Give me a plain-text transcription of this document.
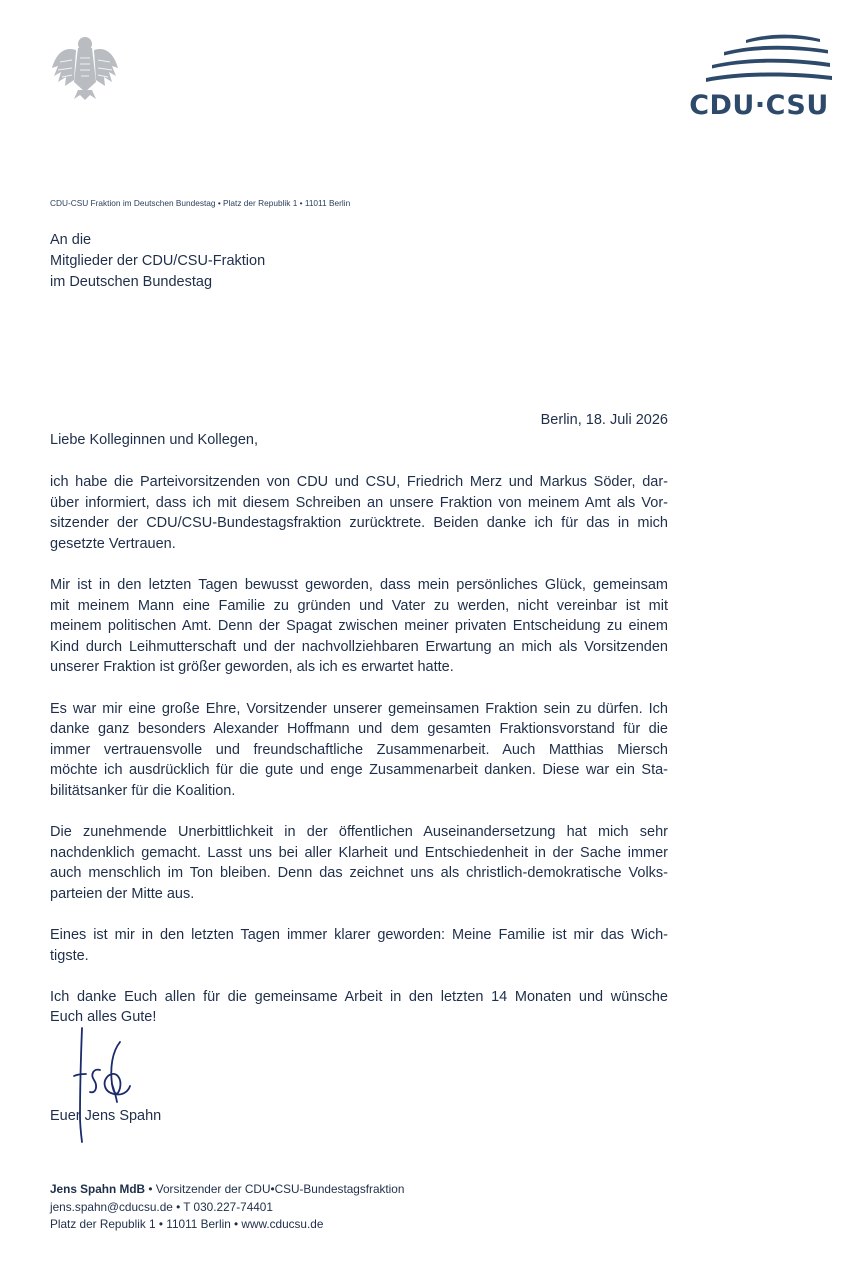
CDU·CSU
CDU-CSU Fraktion im Deutschen Bundestag • Platz der Republik 1 • 11011 Berlin
An die
Mitglieder der CDU/CSU-Fraktion
im Deutschen Bundestag
Berlin, 18. Juli 2026
Liebe Kolleginnen und Kollegen,
ich habe die Parteivorsitzenden von CDU und CSU, Friedrich Merz und Markus Söder, dar-
über informiert, dass ich mit diesem Schreiben an unsere Fraktion von meinem Amt als Vor-
sitzender der CDU/CSU-Bundestagsfraktion zurücktrete. Beiden danke ich für das in mich
gesetzte Vertrauen.
Mir ist in den letzten Tagen bewusst geworden, dass mein persönliches Glück, gemeinsam
mit meinem Mann eine Familie zu gründen und Vater zu werden, nicht vereinbar ist mit
meinem politischen Amt. Denn der Spagat zwischen meiner privaten Entscheidung zu einem
Kind durch Leihmutterschaft und der nachvollziehbaren Erwartung an mich als Vorsitzenden
unserer Fraktion ist größer geworden, als ich es erwartet hatte.
Es war mir eine große Ehre, Vorsitzender unserer gemeinsamen Fraktion sein zu dürfen. Ich
danke ganz besonders Alexander Hoffmann und dem gesamten Fraktionsvorstand für die
immer vertrauensvolle und freundschaftliche Zusammenarbeit. Auch Matthias Miersch
möchte ich ausdrücklich für die gute und enge Zusammenarbeit danken. Diese war ein Sta-
bilitätsanker für die Koalition.
Die zunehmende Unerbittlichkeit in der öffentlichen Auseinandersetzung hat mich sehr
nachdenklich gemacht. Lasst uns bei aller Klarheit und Entschiedenheit in der Sache immer
auch menschlich im Ton bleiben. Denn das zeichnet uns als christlich-demokratische Volks-
parteien der Mitte aus.
Eines ist mir in den letzten Tagen immer klarer geworden: Meine Familie ist mir das Wich-
tigste.
Ich danke Euch allen für die gemeinsame Arbeit in den letzten 14 Monaten und wünsche
Euch alles Gute!
Euer Jens Spahn
Jens Spahn MdB • Vorsitzender der CDU•CSU-Bundestagsfraktion
jens.spahn@cducsu.de • T 030.227-74401
Platz der Republik 1 • 11011 Berlin • www.cducsu.de
